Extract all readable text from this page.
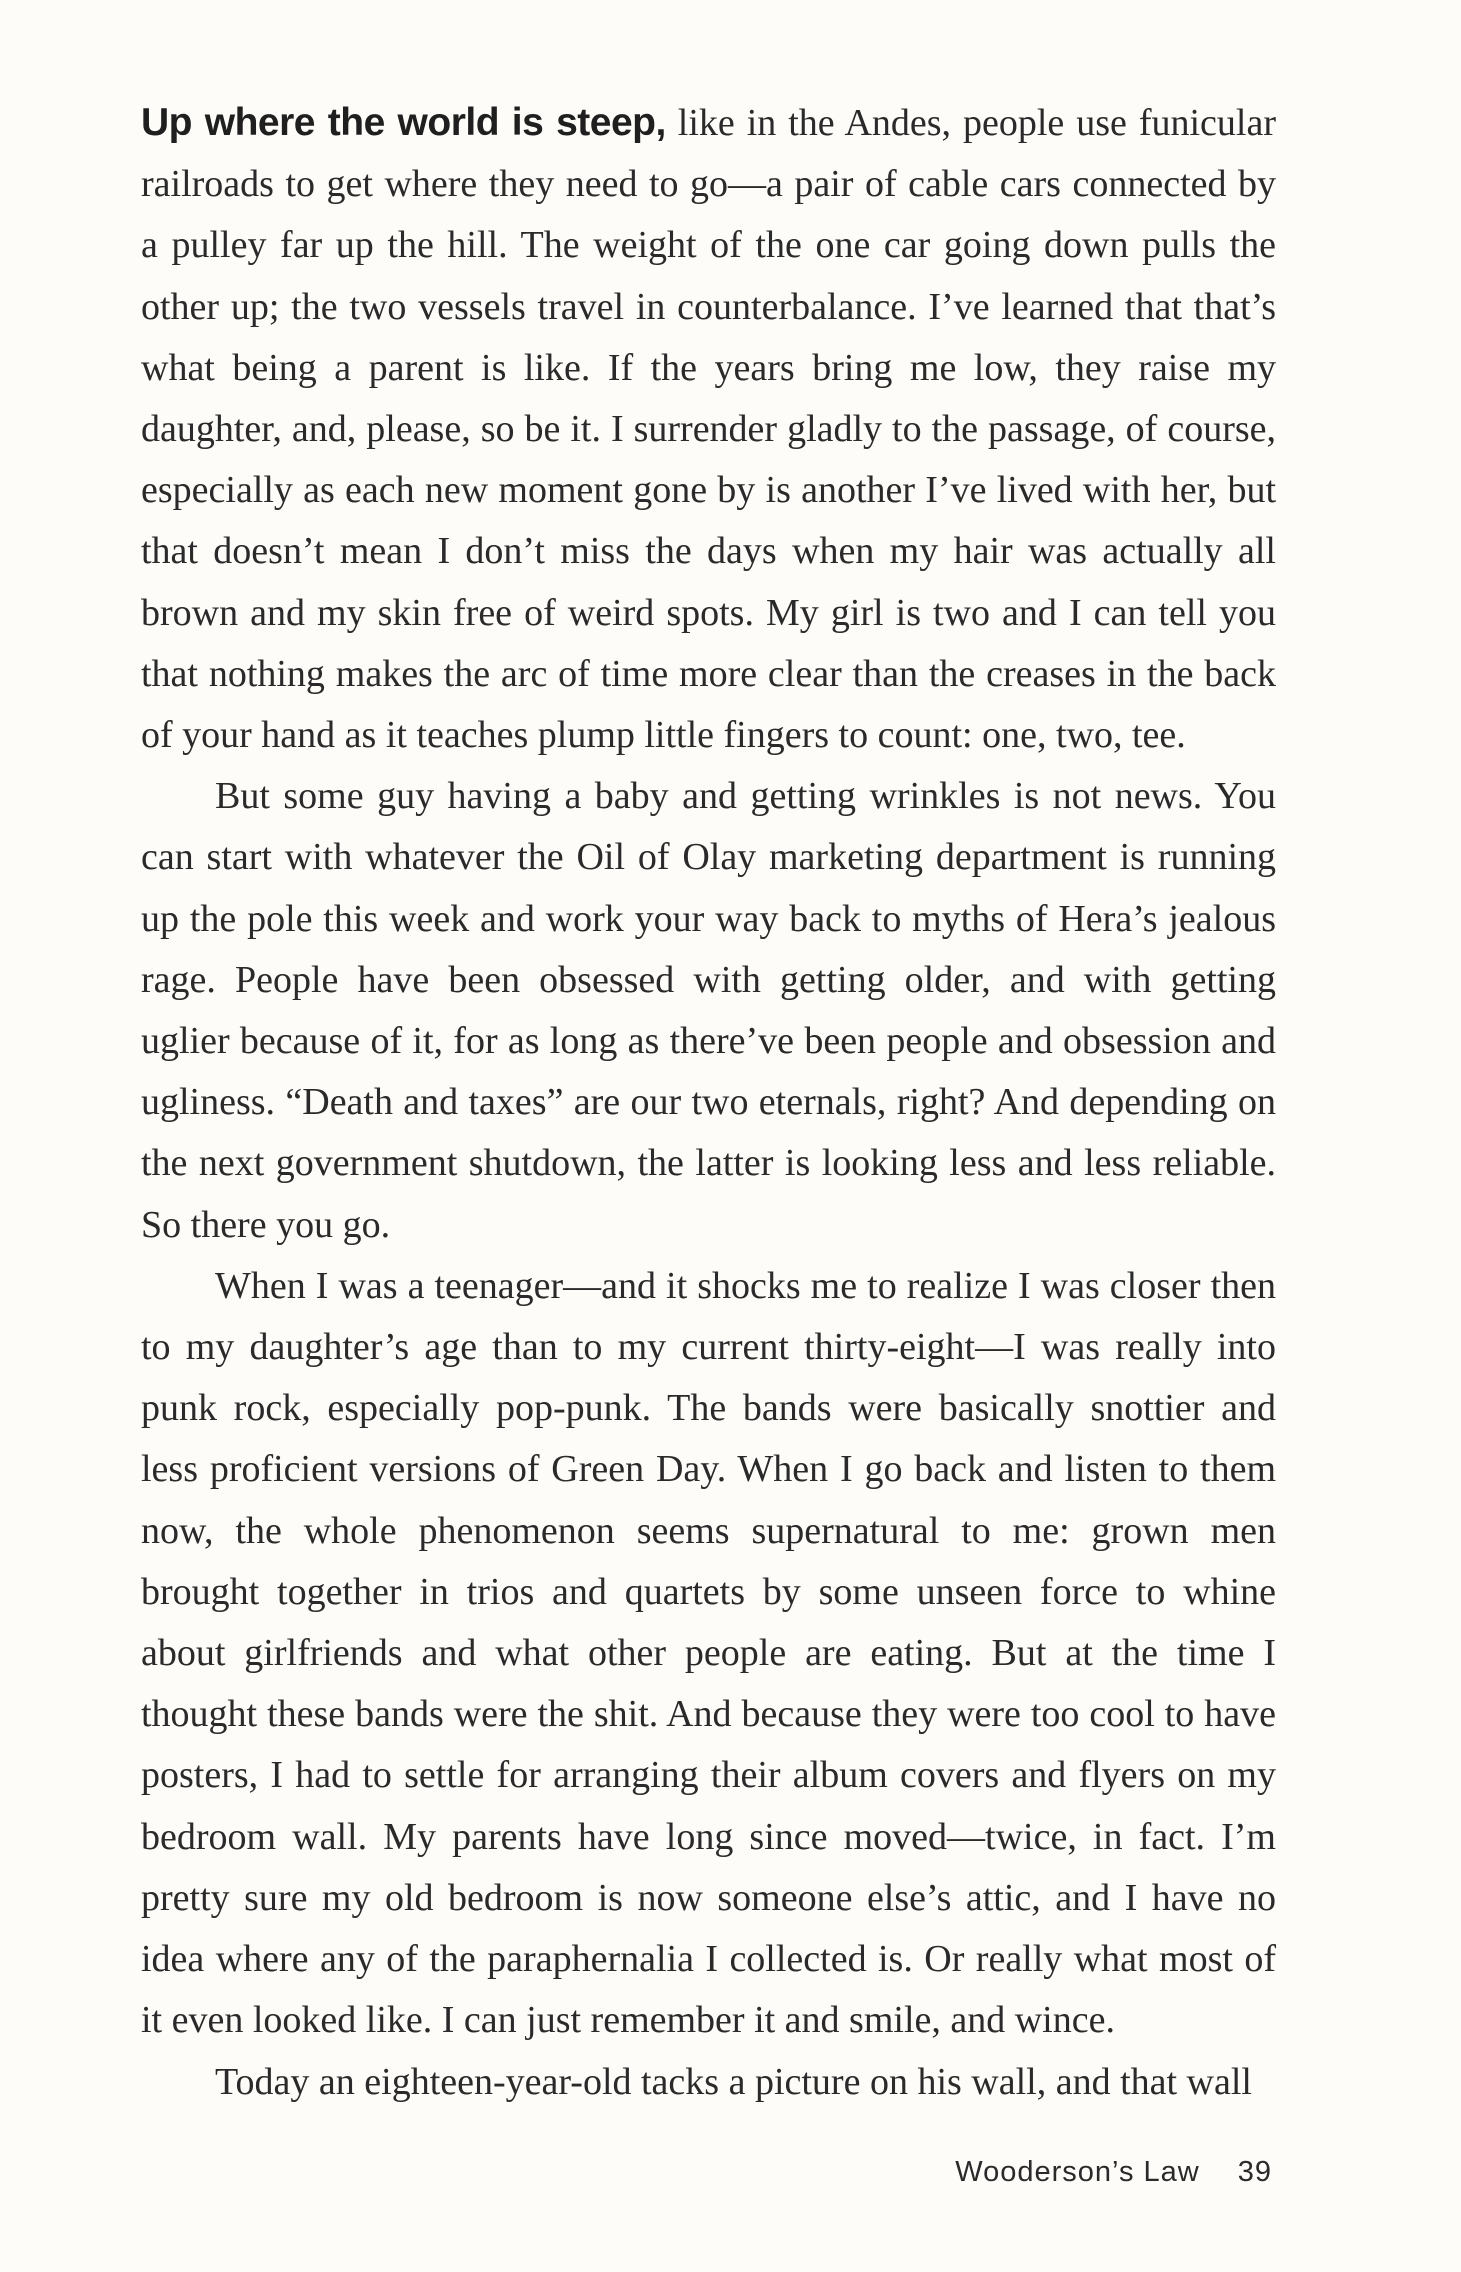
Up where the world is steep, like in the Andes, people use funicular railroads to get where they need to go—a pair of cable cars connected by a pulley far up the hill. The weight of the one car going down pulls the other up; the two vessels travel in counterbalance. I’ve learned that that’s what being a parent is like. If the years bring me low, they raise my daughter, and, please, so be it. I surrender gladly to the passage, of course, especially as each new moment gone by is another I’ve lived with her, but that doesn’t mean I don’t miss the days when my hair was actually all brown and my skin free of weird spots. My girl is two and I can tell you that nothing makes the arc of time more clear than the creases in the back of your hand as it teaches plump little fingers to count: one, two, tee.

But some guy having a baby and getting wrinkles is not news. You can start with whatever the Oil of Olay marketing department is running up the pole this week and work your way back to myths of Hera’s jealous rage. People have been obsessed with getting older, and with getting uglier because of it, for as long as there’ve been people and obsession and ugliness. “Death and taxes” are our two eternals, right? And depending on the next government shutdown, the latter is looking less and less reliable. So there you go.

When I was a teenager—and it shocks me to realize I was closer then to my daughter’s age than to my current thirty-eight—I was really into punk rock, especially pop-punk. The bands were basically snottier and less proficient versions of Green Day. When I go back and listen to them now, the whole phenomenon seems supernatural to me: grown men brought together in trios and quartets by some unseen force to whine about girlfriends and what other people are eating. But at the time I thought these bands were the shit. And because they were too cool to have posters, I had to settle for arranging their album covers and flyers on my bedroom wall. My parents have long since moved—twice, in fact. I’m pretty sure my old bedroom is now someone else’s attic, and I have no idea where any of the paraphernalia I collected is. Or really what most of it even looked like. I can just remember it and smile, and wince.

Today an eighteen-year-old tacks a picture on his wall, and that wall

Wooderson’s Law 39
